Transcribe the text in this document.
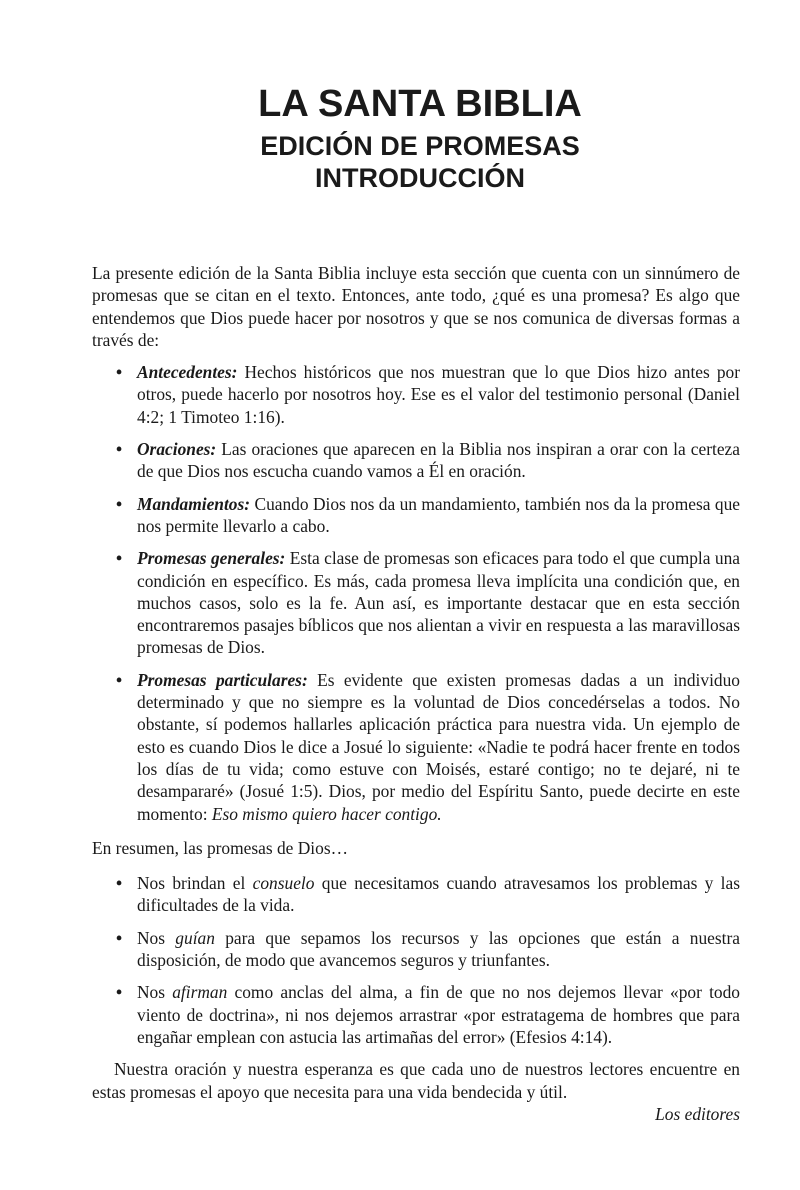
LA SANTA BIBLIA
EDICIÓN DE PROMESAS
INTRODUCCIÓN

La presente edición de la Santa Biblia incluye esta sección que cuenta con un sinnúmero de promesas que se citan en el texto. Entonces, ante todo, ¿qué es una promesa? Es algo que entendemos que Dios puede hacer por nosotros y que se nos comunica de diversas formas a través de:

• Antecedentes: Hechos históricos que nos muestran que lo que Dios hizo antes por otros, puede hacerlo por nosotros hoy. Ese es el valor del testimonio personal (Daniel 4:2; 1 Timoteo 1:16).
• Oraciones: Las oraciones que aparecen en la Biblia nos inspiran a orar con la certeza de que Dios nos escucha cuando vamos a Él en oración.
• Mandamientos: Cuando Dios nos da un mandamiento, también nos da la promesa que nos permite llevarlo a cabo.
• Promesas generales: Esta clase de promesas son eficaces para todo el que cumpla una condición en específico. Es más, cada promesa lleva implícita una condición que, en muchos casos, solo es la fe. Aun así, es importante destacar que en esta sección encontraremos pasajes bíblicos que nos alientan a vivir en respuesta a las maravillosas promesas de Dios.
• Promesas particulares: Es evidente que existen promesas dadas a un individuo determinado y que no siempre es la voluntad de Dios concedérselas a todos. No obstante, sí podemos hallarles aplicación práctica para nuestra vida. Un ejemplo de esto es cuando Dios le dice a Josué lo siguiente: «Nadie te podrá hacer frente en todos los días de tu vida; como estuve con Moisés, estaré contigo; no te dejaré, ni te desampararé» (Josué 1:5). Dios, por medio del Espíritu Santo, puede decirte en este momento: Eso mismo quiero hacer contigo.

En resumen, las promesas de Dios…

• Nos brindan el consuelo que necesitamos cuando atravesamos los problemas y las dificultades de la vida.
• Nos guían para que sepamos los recursos y las opciones que están a nuestra disposición, de modo que avancemos seguros y triunfantes.
• Nos afirman como anclas del alma, a fin de que no nos dejemos llevar «por todo viento de doctrina», ni nos dejemos arrastrar «por estratagema de hombres que para engañar emplean con astucia las artimañas del error» (Efesios 4:14).

Nuestra oración y nuestra esperanza es que cada uno de nuestros lectores encuentre en estas promesas el apoyo que necesita para una vida bendecida y útil.

Los editores
